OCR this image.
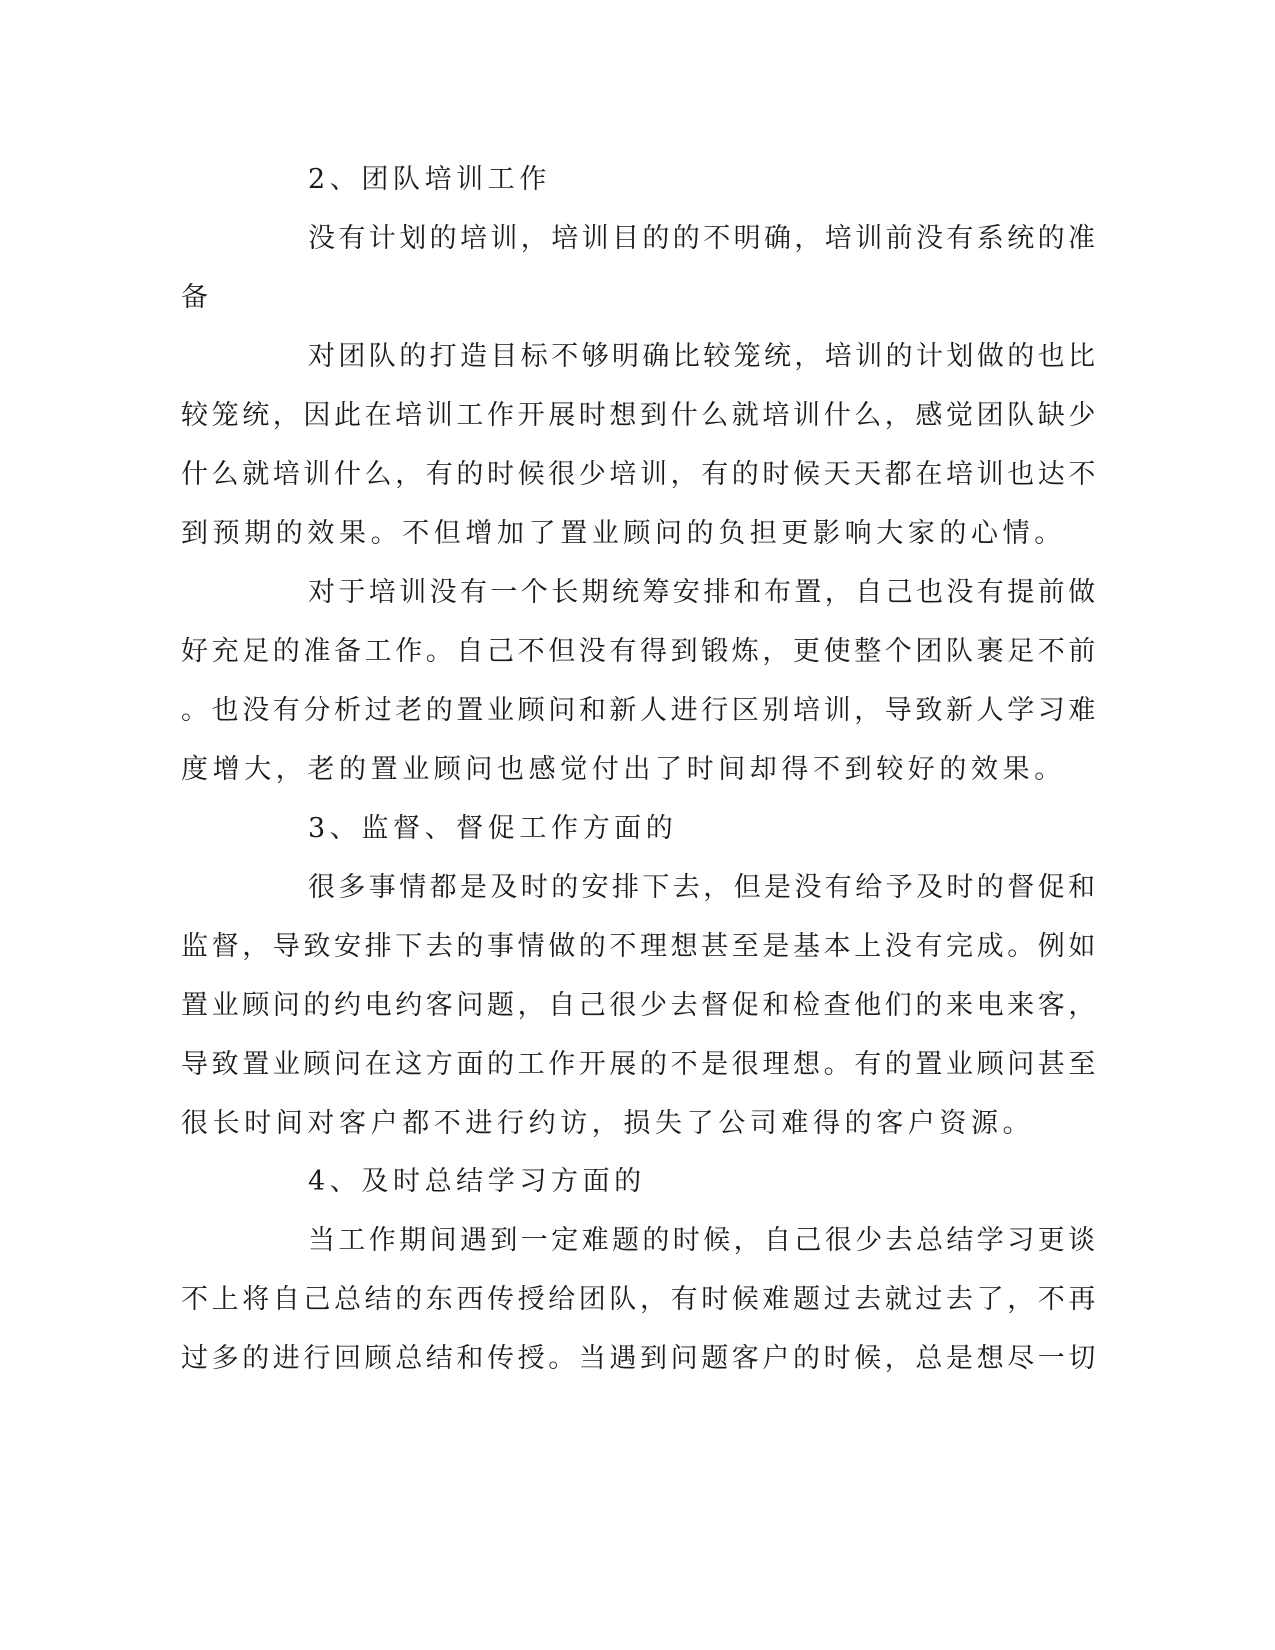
2、团队培训工作

没有计划的培训，培训目的的不明确，培训前没有系统的准

备

对团队的打造目标不够明确比较笼统，培训的计划做的也比

较笼统，因此在培训工作开展时想到什么就培训什么，感觉团队缺少

什么就培训什么，有的时候很少培训，有的时候天天都在培训也达不

到预期的效果。不但增加了置业顾问的负担更影响大家的心情。

对于培训没有一个长期统筹安排和布置，自己也没有提前做

好充足的准备工作。自己不但没有得到锻炼，更使整个团队裹足不前

。也没有分析过老的置业顾问和新人进行区别培训，导致新人学习难

度增大，老的置业顾问也感觉付出了时间却得不到较好的效果。

3、监督、督促工作方面的

很多事情都是及时的安排下去，但是没有给予及时的督促和

监督，导致安排下去的事情做的不理想甚至是基本上没有完成。例如

置业顾问的约电约客问题，自己很少去督促和检查他们的来电来客，

导致置业顾问在这方面的工作开展的不是很理想。有的置业顾问甚至

很长时间对客户都不进行约访，损失了公司难得的客户资源。

4、及时总结学习方面的

当工作期间遇到一定难题的时候，自己很少去总结学习更谈

不上将自己总结的东西传授给团队，有时候难题过去就过去了，不再

过多的进行回顾总结和传授。当遇到问题客户的时候，总是想尽一切
